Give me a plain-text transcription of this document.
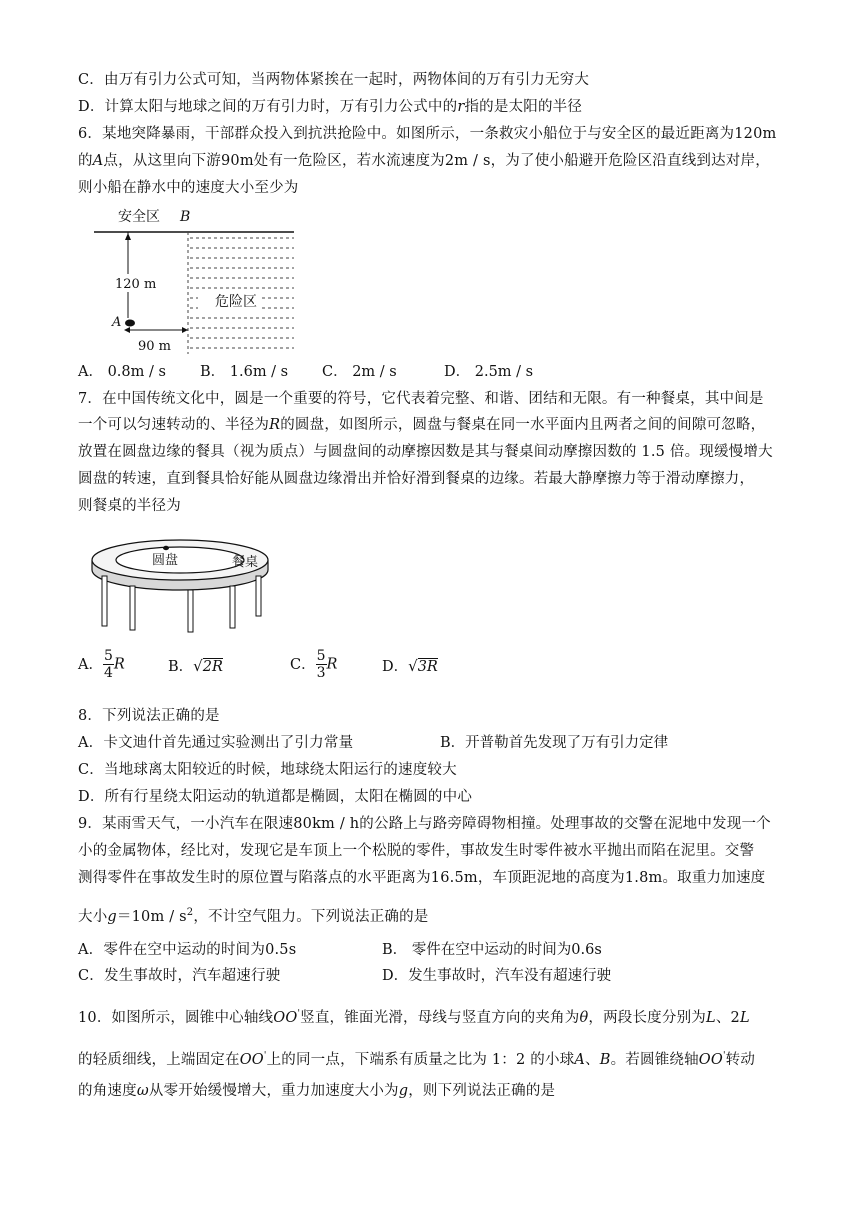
C．由万有引力公式可知，当两物体紧挨在一起时，两物体间的万有引力无穷大
D．计算太阳与地球之间的万有引力时，万有引力公式中的r指的是太阳的半径
6．某地突降暴雨，干部群众投入到抗洪抢险中。如图所示，一条救灾小船位于与安全区的最近距离为120m
的A点，从这里向下游90m处有一危险区，若水流速度为2m / s，为了使小船避开危险区沿直线到达对岸，
则小船在静水中的速度大小至少为
安全区 B
120 m
A
危险区
90 m
A． 0.8m / s B． 1.6m / s C． 2m / s	D． 2.5m / s
7．在中国传统文化中，圆是一个重要的符号，它代表着完整、和谐、团结和无限。有一种餐桌，其中间是
一个可以匀速转动的、半径为R的圆盘，如图所示，圆盘与餐桌在同一水平面内且两者之间的间隙可忽略，
放置在圆盘边缘的餐具（视为质点）与圆盘间的动摩擦因数是其与餐桌间动摩擦因数的 1.5 倍。现缓慢增大
圆盘的转速，直到餐具恰好能从圆盘边缘滑出并恰好滑到餐桌的边缘。若最大静摩擦力等于滑动摩擦力，
则餐桌的半径为
圆盘	餐桌
A． $\frac{5}{4}$ R	B．√2R	C． $\frac{5}{3}$ R	D．√3R
8．下列说法正确的是
A．卡文迪什首先通过实验测出了引力常量	B．开普勒首先发现了万有引力定律
C．当地球离太阳较近的时候，地球绕太阳运行的速度较大
D．所有行星绕太阳运动的轨道都是椭圆，太阳在椭圆的中心
9．某雨雪天气，一小汽车在限速80km / h的公路上与路旁障碍物相撞。处理事故的交警在泥地中发现一个
小的金属物体，经比对，发现它是车顶上一个松脱的零件，事故发生时零件被水平抛出而陷在泥里。交警
测得零件在事故发生时的原位置与陷落点的水平距离为16.5m，车顶距泥地的高度为1.8m。取重力加速度
大小$g=10m / s^2$，不计空气阻力。下列说法正确的是
A．零件在空中运动的时间为0.5s	B． 零件在空中运动的时间为0.6s
C．发生事故时，汽车超速行驶	D．发生事故时，汽车没有超速行驶
10．如图所示，圆锥中心轴线OO'竖直，锥面光滑，母线与竖直方向的夹角为θ，两段长度分别为L、2L
的轻质细线，上端固定在OO'上的同一点，下端系有质量之比为 1：2 的小球A、B。若圆锥绕轴OO'转动
的角速度ω从零开始缓慢增大，重力加速度大小为g，则下列说法正确的是
